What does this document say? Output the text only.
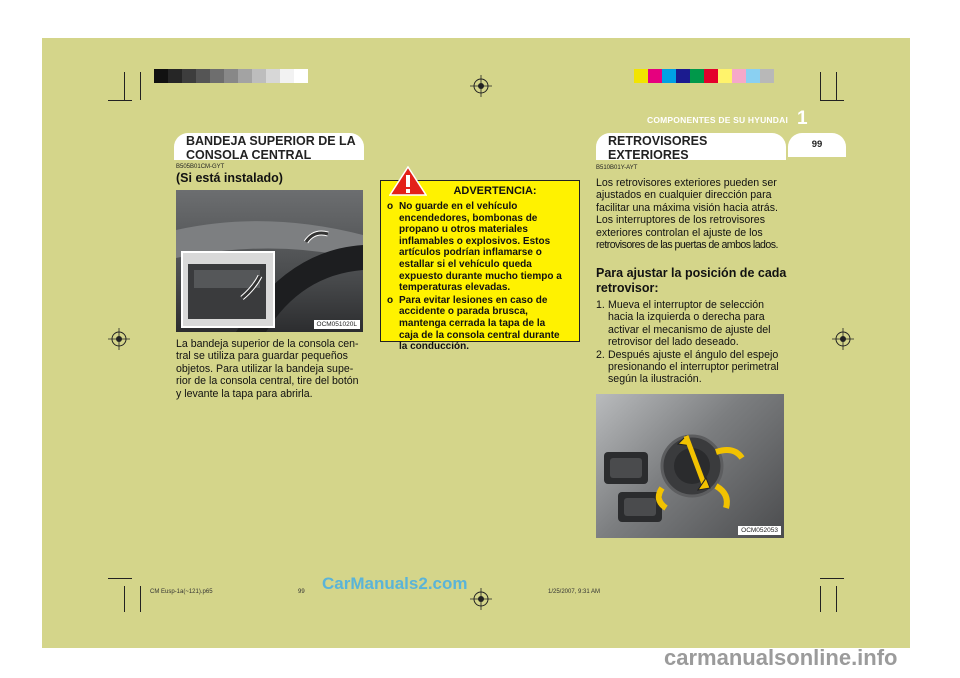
COMPONENTES DE SU HYUNDAI 1
99
BANDEJA SUPERIOR DE LA
CONSOLA CENTRAL
B505B01CM-GYT
(Si está instalado)
OCM051020L
La bandeja superior de la consola cen-
tral se utiliza para guardar pequeños
objetos. Para utilizar la bandeja supe-
rior de la consola central, tire del botón
y levante la tapa para abrirla.
ADVERTENCIA:
o No guarde en el vehículo
encendedores, bombonas de
propano u otros materiales
inflamables o explosivos. Estos
artículos podrían inflamarse o
estallar si el vehículo queda
expuesto durante mucho tiempo a
temperaturas elevadas.
o Para evitar lesiones en caso de
accidente o parada brusca,
mantenga cerrada la tapa de la
caja de la consola central durante
la conducción.
RETROVISORES
EXTERIORES
B510B01Y-AYT
Los retrovisores exteriores pueden ser
ajustados en cualquier dirección para
facilitar una máxima visión hacia atrás.
Los interruptores de los retrovisores
exteriores controlan el ajuste de los
retrovisores de las puertas de ambos lados.
Para ajustar la posición de cada
retrovisor:
1. Mueva el interruptor de selección
hacia la izquierda o derecha para
activar el mecanismo de ajuste del
retrovisor del lado deseado.
2. Después ajuste el ángulo del espejo
presionando el interruptor perimetral
según la ilustración.
OCM052053
CM Eusp-1a(~121).p65	99	1/25/2007, 9:31 AM
CarManuals2.com
carmanualsonline.info
